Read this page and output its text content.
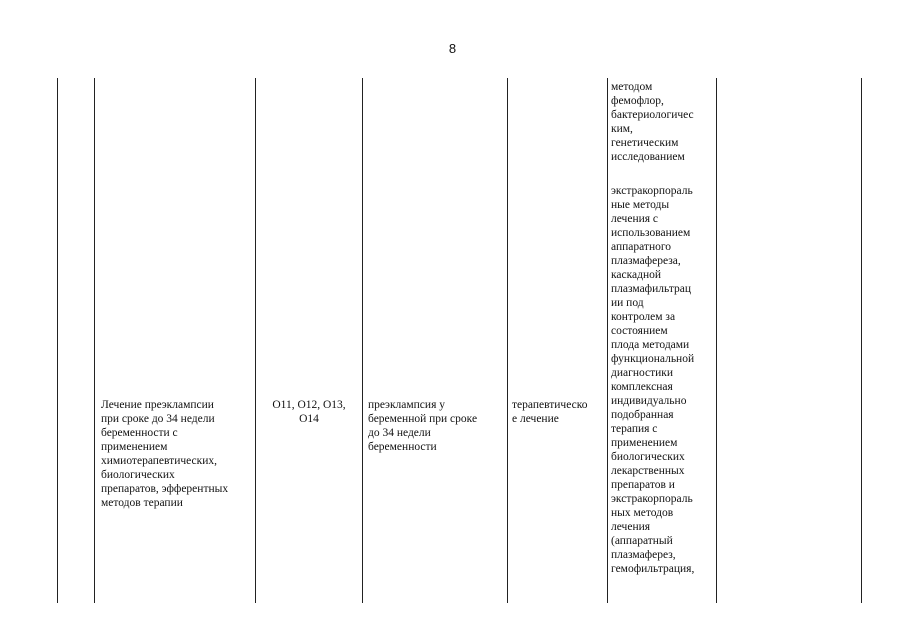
8
Лечение преэклампсии
при сроке до 34 недели
беременности с
применением
химиотерапевтических,
биологических
препаратов, эфферентных
методов терапии
O11, O12, O13,
O14
преэклампсия у
беременной при сроке
до 34 недели
беременности
терапевтическо
е лечение
методом
фемофлор,
бактериологичес
ким,
генетическим
исследованием
экстракорпораль
ные методы
лечения с
использованием
аппаратного
плазмафереза,
каскадной
плазмафильтрац
ии под
контролем за
состоянием
плода методами
функциональной
диагностики
комплексная
индивидуально
подобранная
терапия с
применением
биологических
лекарственных
препаратов и
экстракорпораль
ных методов
лечения
(аппаратный
плазмаферез,
гемофильтрация,
